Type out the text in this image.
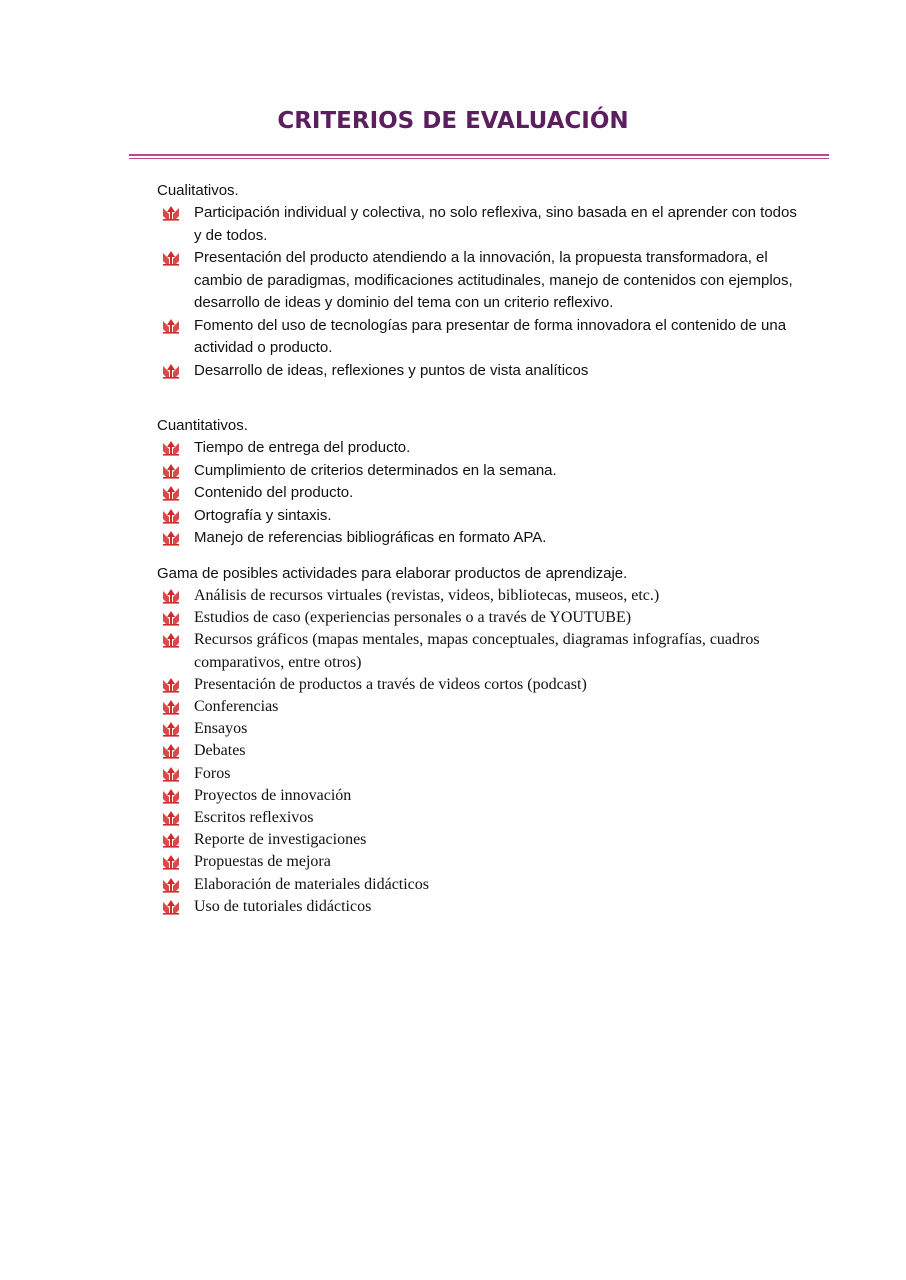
CRITERIOS DE EVALUACIÓN

Cualitativos.

Participación individual y colectiva, no solo reflexiva, sino basada en el aprender con todos y de todos.
Presentación del producto atendiendo a la innovación, la propuesta transformadora, el cambio de paradigmas, modificaciones actitudinales, manejo de contenidos con ejemplos, desarrollo de ideas y dominio del tema con un criterio reflexivo.
Fomento del uso de tecnologías para presentar de forma innovadora el contenido de una actividad o producto.
Desarrollo de ideas, reflexiones y puntos de vista analíticos

Cuantitativos.

Tiempo de entrega del producto.
Cumplimiento de criterios determinados en la semana.
Contenido del producto.
Ortografía y sintaxis.
Manejo de referencias bibliográficas en formato APA.

Gama de posibles actividades para elaborar productos de aprendizaje.

Análisis de recursos virtuales (revistas, videos, bibliotecas, museos, etc.)
Estudios de caso (experiencias personales o a través de YOUTUBE)
Recursos gráficos (mapas mentales, mapas conceptuales, diagramas infografías, cuadros comparativos, entre otros)
Presentación de productos a través de videos cortos (podcast)
Conferencias
Ensayos
Debates
Foros
Proyectos de innovación
Escritos reflexivos
Reporte de investigaciones
Propuestas de mejora
Elaboración de materiales didácticos
Uso de tutoriales didácticos
